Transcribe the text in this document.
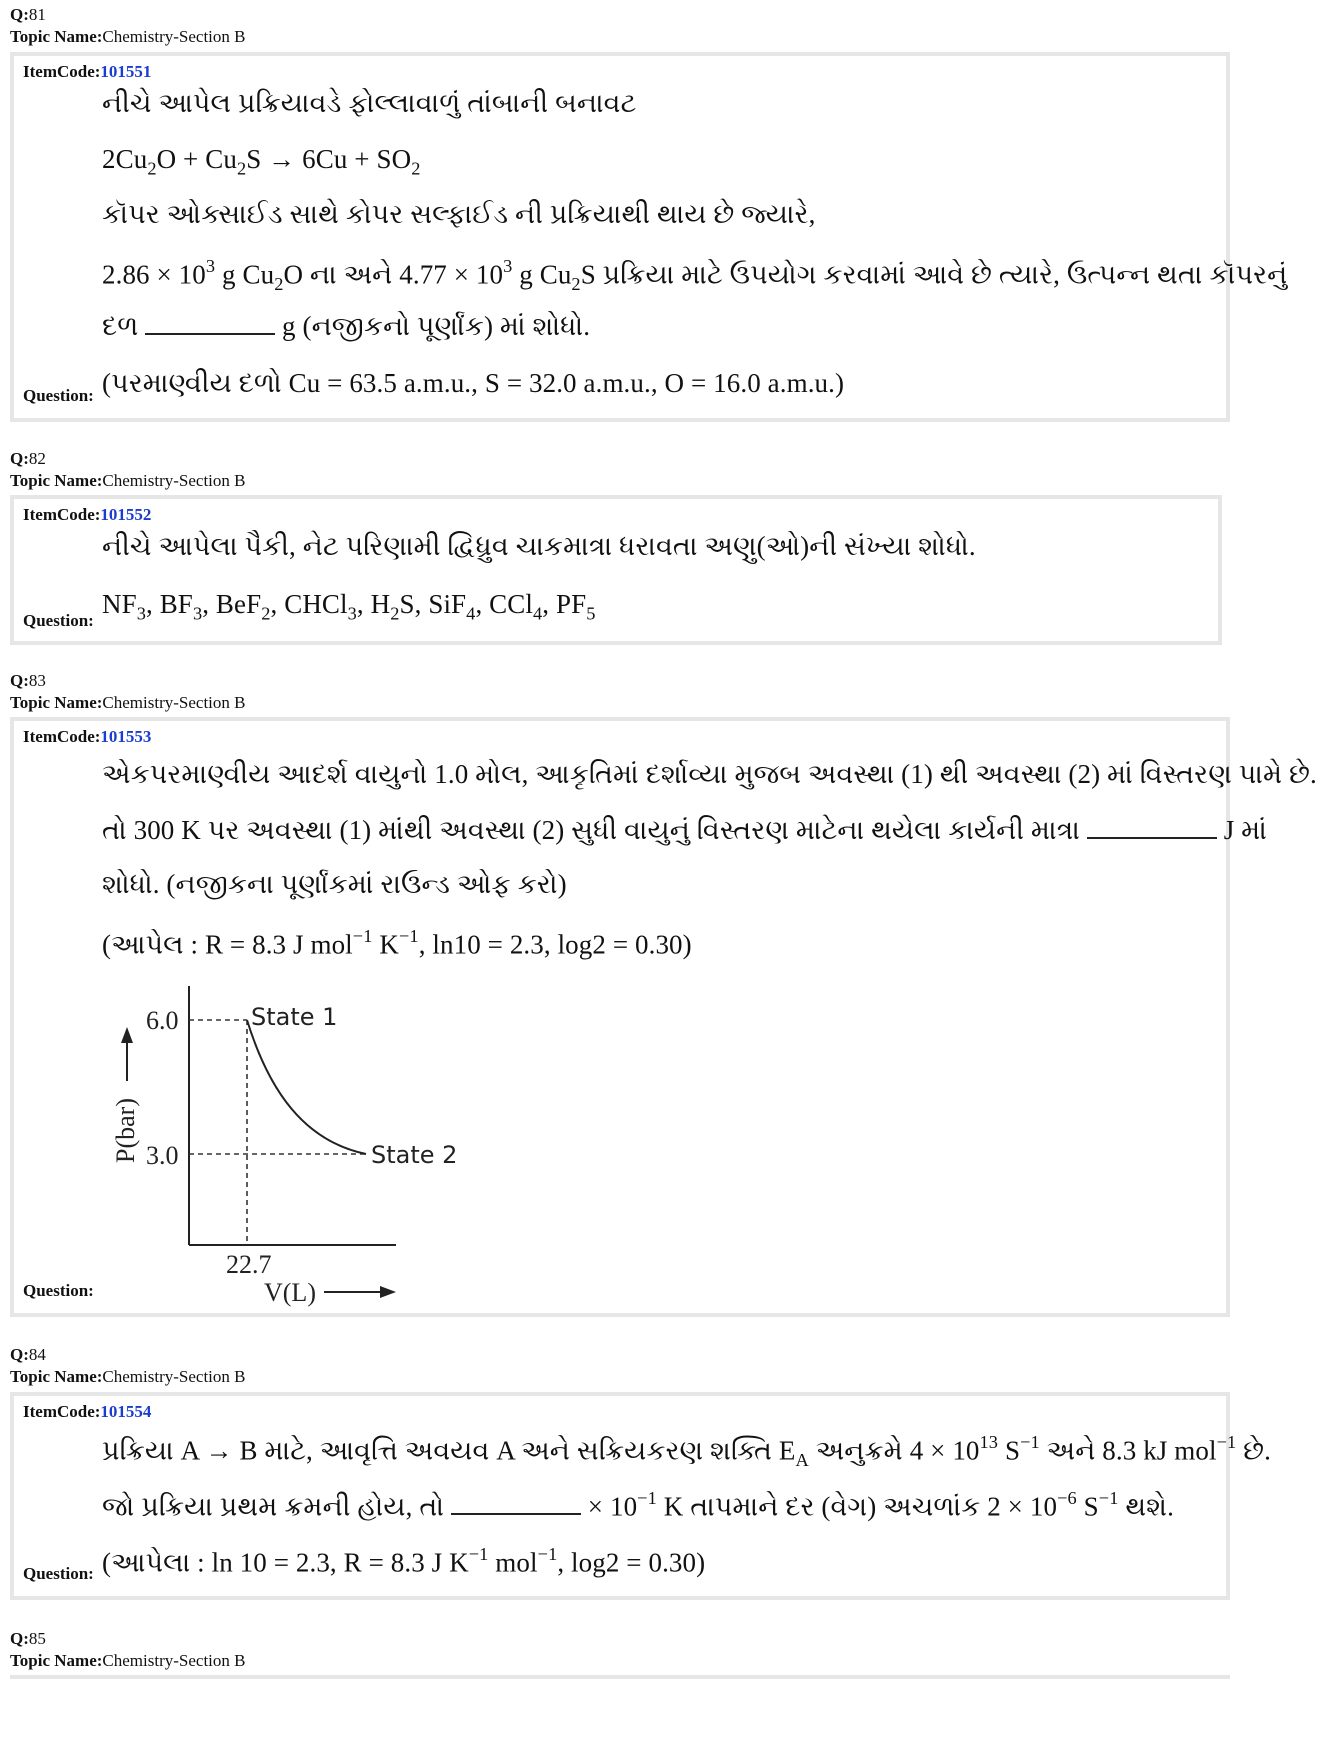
Q:81
Topic Name:Chemistry-Section B
ItemCode:101551
નીચે આપેલ પ્રક્રિયાવડે ફોલ્લાવાળું તાંબાની બનાવટ
$2Cu_2O + Cu_2S \to 6Cu + SO_2$
કૉપર ઓક્સાઈડ સાથે કોપર સલ્ફાઈડ ની પ્રક્રિયાથી થાય છે જ્યારે,
$2.86 \times 10^3$ g $Cu_2O$ ના અને $4.77 \times 10^3$ g $Cu_2S$ પ્રક્રિયા માટે ઉપયોગ કરવામાં આવે છે ત્યારે, ઉત્પન્ન થતા કૉપરનું
દળ	g (નજીકનો પૂર્ણાંક) માં શોધો.
(પરમાણ્વીય દળો Cu = 63.5 a.m.u., S = 32.0 a.m.u., O = 16.0 a.m.u.)
Question:
Q:82
Topic Name:Chemistry-Section B
ItemCode:101552
નીચે આપેલા પૈકી, નેટ પરિણામી દ્વિધ્રુવ ચાકમાત્રા ધરાવતા અણુ(ઓ)ની સંખ્યા શોધો.
$NF_3$, $BF_3$, BeF$_2$, CHCl$_3$, $H_2S$, SiF$_4$, CCl$_4$, $PF_5$
Question:
Q:83
Topic Name:Chemistry-Section B
ItemCode:101553
એકપરમાણ્વીય આદર્શ વાયુનો 1.0 મોલ, આકૃતિમાં દર્શાવ્યા મુજબ અવસ્થા (1) થી અવસ્થા (2) માં વિસ્તરણ પામે છે.
તો 300 K પર અવસ્થા (1) માંથી અવસ્થા (2) સુધી વાયુનું વિસ્તરણ માટેના થયેલા કાર્યની માત્રા	J માં
શોધો. (નજીકના પૂર્ણાંકમાં રાઉન્ડ ઓફ કરો)
(આપેલ : R = 8.3 J mol$^{-1}$ $K^{-1}$, ln10 = 2.3, log2 = 0.30)
6.0
3.0
22.7
State 1
State 2
P(bar)
V(L)
Question:
Q:84
Topic Name:Chemistry-Section B
ItemCode:101554
પ્રક્રિયા A → B માટે, આવૃત્તિ અવયવ A અને સક્રિયકરણ શક્તિ $E_A$ અનુક્રમે $4 \times 10^{13}$ $S^{-1}$ અને 8.3 kJ mol$^{-1}$ છે.
જો પ્રક્રિયા પ્રથમ ક્રમની હોય, તો	× $10^{-1}$ K તાપમાને દર (વેગ) અચળાંક $2 \times 10^{-6}$ $S^{-1}$ થશે.
(આપેલા : ln 10 = 2.3, R = 8.3 J $K^{-1}$ mol$^{-1}$, log2 = 0.30)
Question:
Q:85
Topic Name:Chemistry-Section B
